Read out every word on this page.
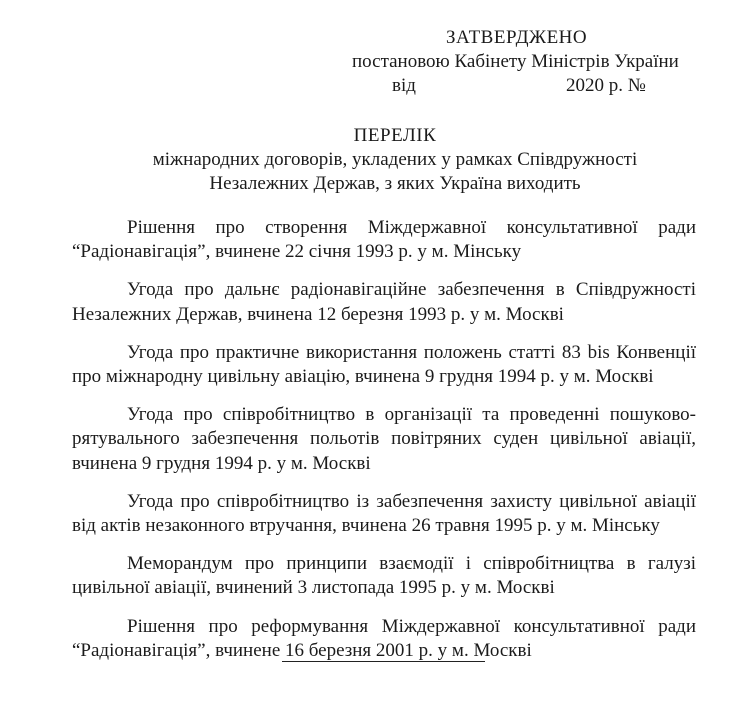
ЗАТВЕРДЖЕНО
постановою Кабінету Міністрів України
від	2020 р. №
ПЕРЕЛІК
міжнародних договорів, укладених у рамках Співдружності
Незалежних Держав, з яких Україна виходить

Рішення про створення Міждержавної консультативної ради “Радіонавігація”, вчинене 22 січня 1993 р. у м. Мінську

Угода про дальнє радіонавігаційне забезпечення в Співдружності Незалежних Держав, вчинена 12 березня 1993 р. у м. Москві

Угода про практичне використання положень статті 83 bis Конвенції про міжнародну цивільну авіацію, вчинена 9 грудня 1994 р. у м. Москві

Угода про співробітництво в організації та проведенні пошуково-рятувального забезпечення польотів повітряних суден цивільної авіації, вчинена 9 грудня 1994 р. у м. Москві

Угода про співробітництво із забезпечення захисту цивільної авіації від актів незаконного втручання, вчинена 26 травня 1995 р. у м. Мінську

Меморандум про принципи взаємодії і співробітництва в галузі цивільної авіації, вчинений 3 листопада 1995 р. у м. Москві

Рішення про реформування Міждержавної консультативної ради “Радіонавігація”, вчинене 16 березня 2001 р. у м. Москві
